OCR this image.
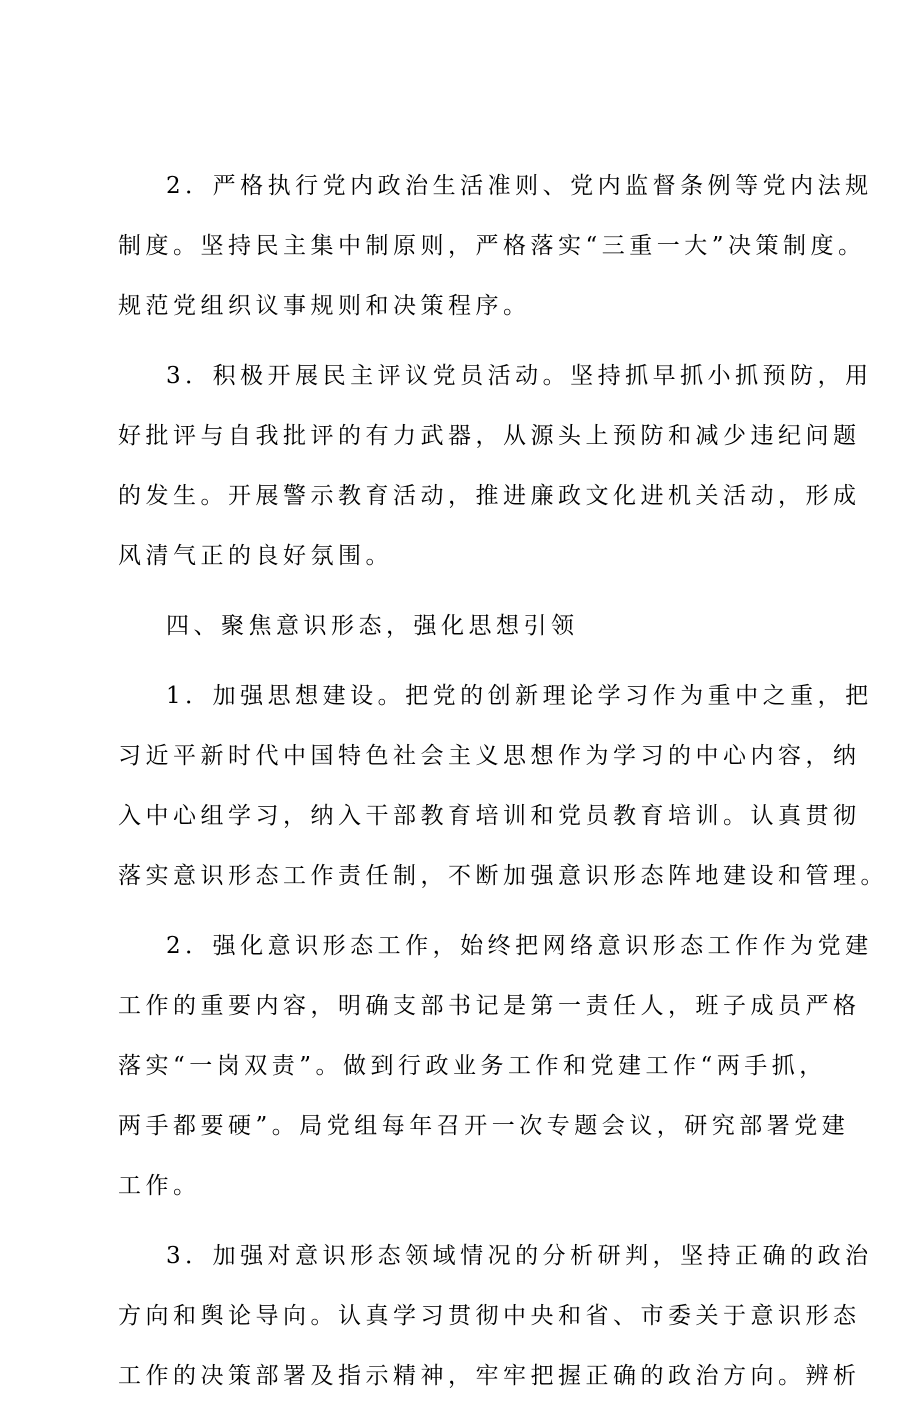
2．严格执行党内政治生活准则、党内监督条例等党内法规
制度。坚持民主集中制原则，严格落实“三重一大”决策制度。
规范党组织议事规则和决策程序。
3．积极开展民主评议党员活动。坚持抓早抓小抓预防，用
好批评与自我批评的有力武器，从源头上预防和减少违纪问题
的发生。开展警示教育活动，推进廉政文化进机关活动，形成
风清气正的良好氛围。
四、聚焦意识形态，强化思想引领
1．加强思想建设。把党的创新理论学习作为重中之重，把
习近平新时代中国特色社会主义思想作为学习的中心内容，纳
入中心组学习，纳入干部教育培训和党员教育培训。认真贯彻
落实意识形态工作责任制，不断加强意识形态阵地建设和管理。
2．强化意识形态工作，始终把网络意识形态工作作为党建
工作的重要内容，明确支部书记是第一责任人，班子成员严格
落实“一岗双责”。做到行政业务工作和党建工作“两手抓，
两手都要硬”。局党组每年召开一次专题会议，研究部署党建
工作。
3．加强对意识形态领域情况的分析研判，坚持正确的政治
方向和舆论导向。认真学习贯彻中央和省、市委关于意识形态
工作的决策部署及指示精神，牢牢把握正确的政治方向。辨析
